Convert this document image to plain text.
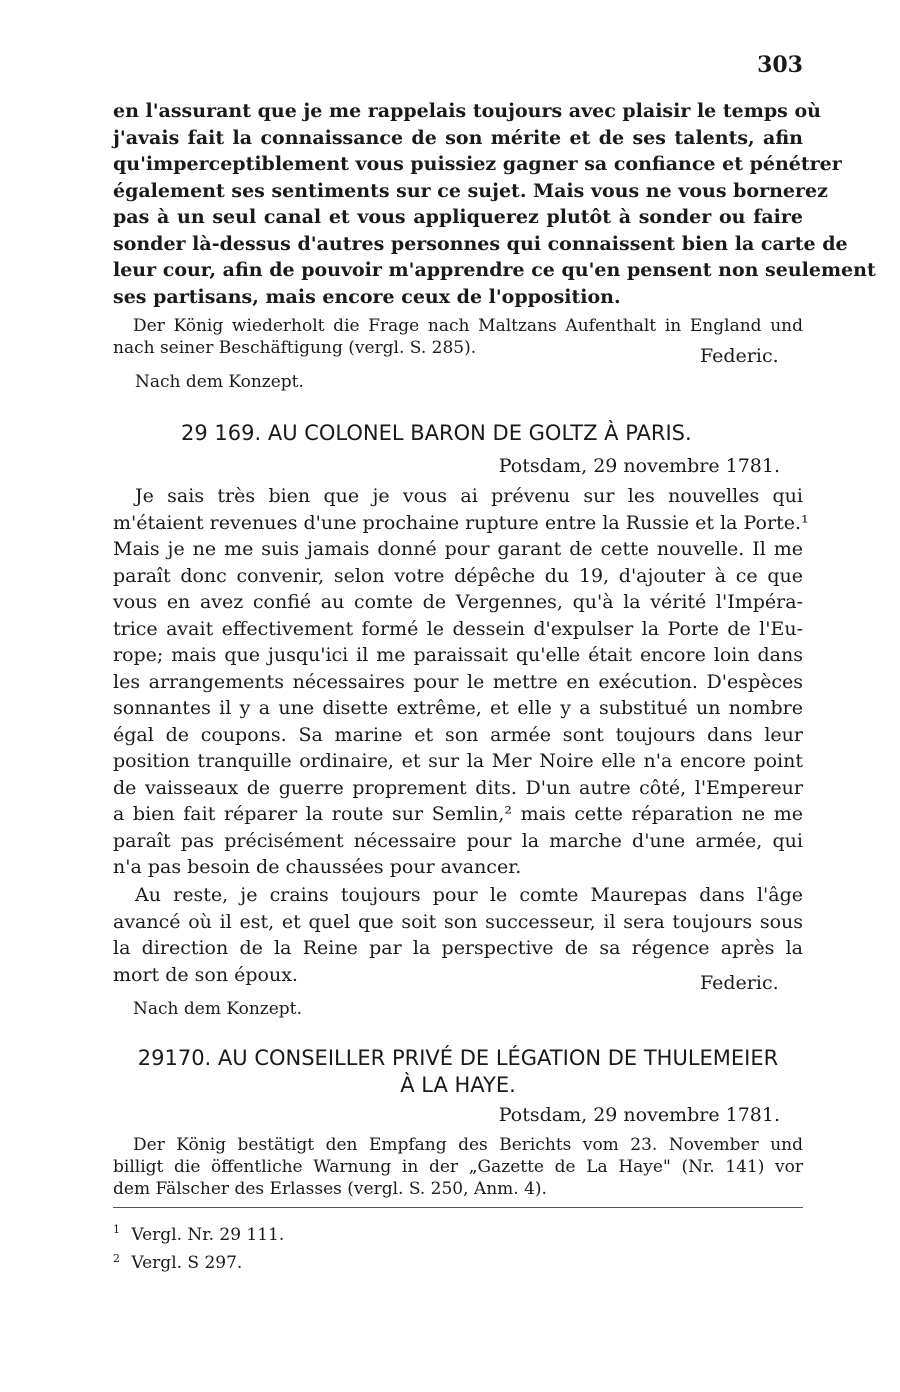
303
en l'assurant que je me rappelais toujours avec plaisir le temps où
j'avais fait la connaissance de son mérite et de ses talents, afin
qu'imperceptiblement vous puissiez gagner sa confiance et pénétrer
également ses sentiments sur ce sujet. Mais vous ne vous bornerez
pas à un seul canal et vous appliquerez plutôt à sonder ou faire
sonder là-dessus d'autres personnes qui connaissent bien la carte de
leur cour, afin de pouvoir m'apprendre ce qu'en pensent non seulement
ses partisans, mais encore ceux de l'opposition.
Der König wiederholt die Frage nach Maltzans Aufenthalt in England und
nach seiner Beschäftigung (vergl. S. 285).	Federic.
Nach dem Konzept.
29 169. AU COLONEL BARON DE GOLTZ À PARIS.
Potsdam, 29 novembre 1781.
Je sais très bien que je vous ai prévenu sur les nouvelles qui
m'étaient revenues d'une prochaine rupture entre la Russie et la Porte.¹
Mais je ne me suis jamais donné pour garant de cette nouvelle. Il me
paraît donc convenir, selon votre dépêche du 19, d'ajouter à ce que
vous en avez confié au comte de Vergennes, qu'à la vérité l'Impéra-
trice avait effectivement formé le dessein d'expulser la Porte de l'Eu-
rope; mais que jusqu'ici il me paraissait qu'elle était encore loin dans
les arrangements nécessaires pour le mettre en exécution. D'espèces
sonnantes il y a une disette extrême, et elle y a substitué un nombre
égal de coupons. Sa marine et son armée sont toujours dans leur
position tranquille ordinaire, et sur la Mer Noire elle n'a encore point
de vaisseaux de guerre proprement dits. D'un autre côté, l'Empereur
a bien fait réparer la route sur Semlin,² mais cette réparation ne me
paraît pas précisément nécessaire pour la marche d'une armée, qui
n'a pas besoin de chaussées pour avancer.
Au reste, je crains toujours pour le comte Maurepas dans l'âge
avancé où il est, et quel que soit son successeur, il sera toujours sous
la direction de la Reine par la perspective de sa régence après la
mort de son époux.	Federic.
Nach dem Konzept.
29170. AU CONSEILLER PRIVÉ DE LÉGATION DE THULEMEIER
À LA HAYE.
Potsdam, 29 novembre 1781.
Der König bestätigt den Empfang des Berichts vom 23. November und
billigt die öffentliche Warnung in der „Gazette de La Haye" (Nr. 141) vor
dem Fälscher des Erlasses (vergl. S. 250, Anm. 4).
$^1$ Vergl. Nr. 29 111.
$^2$ Vergl. S 297.
